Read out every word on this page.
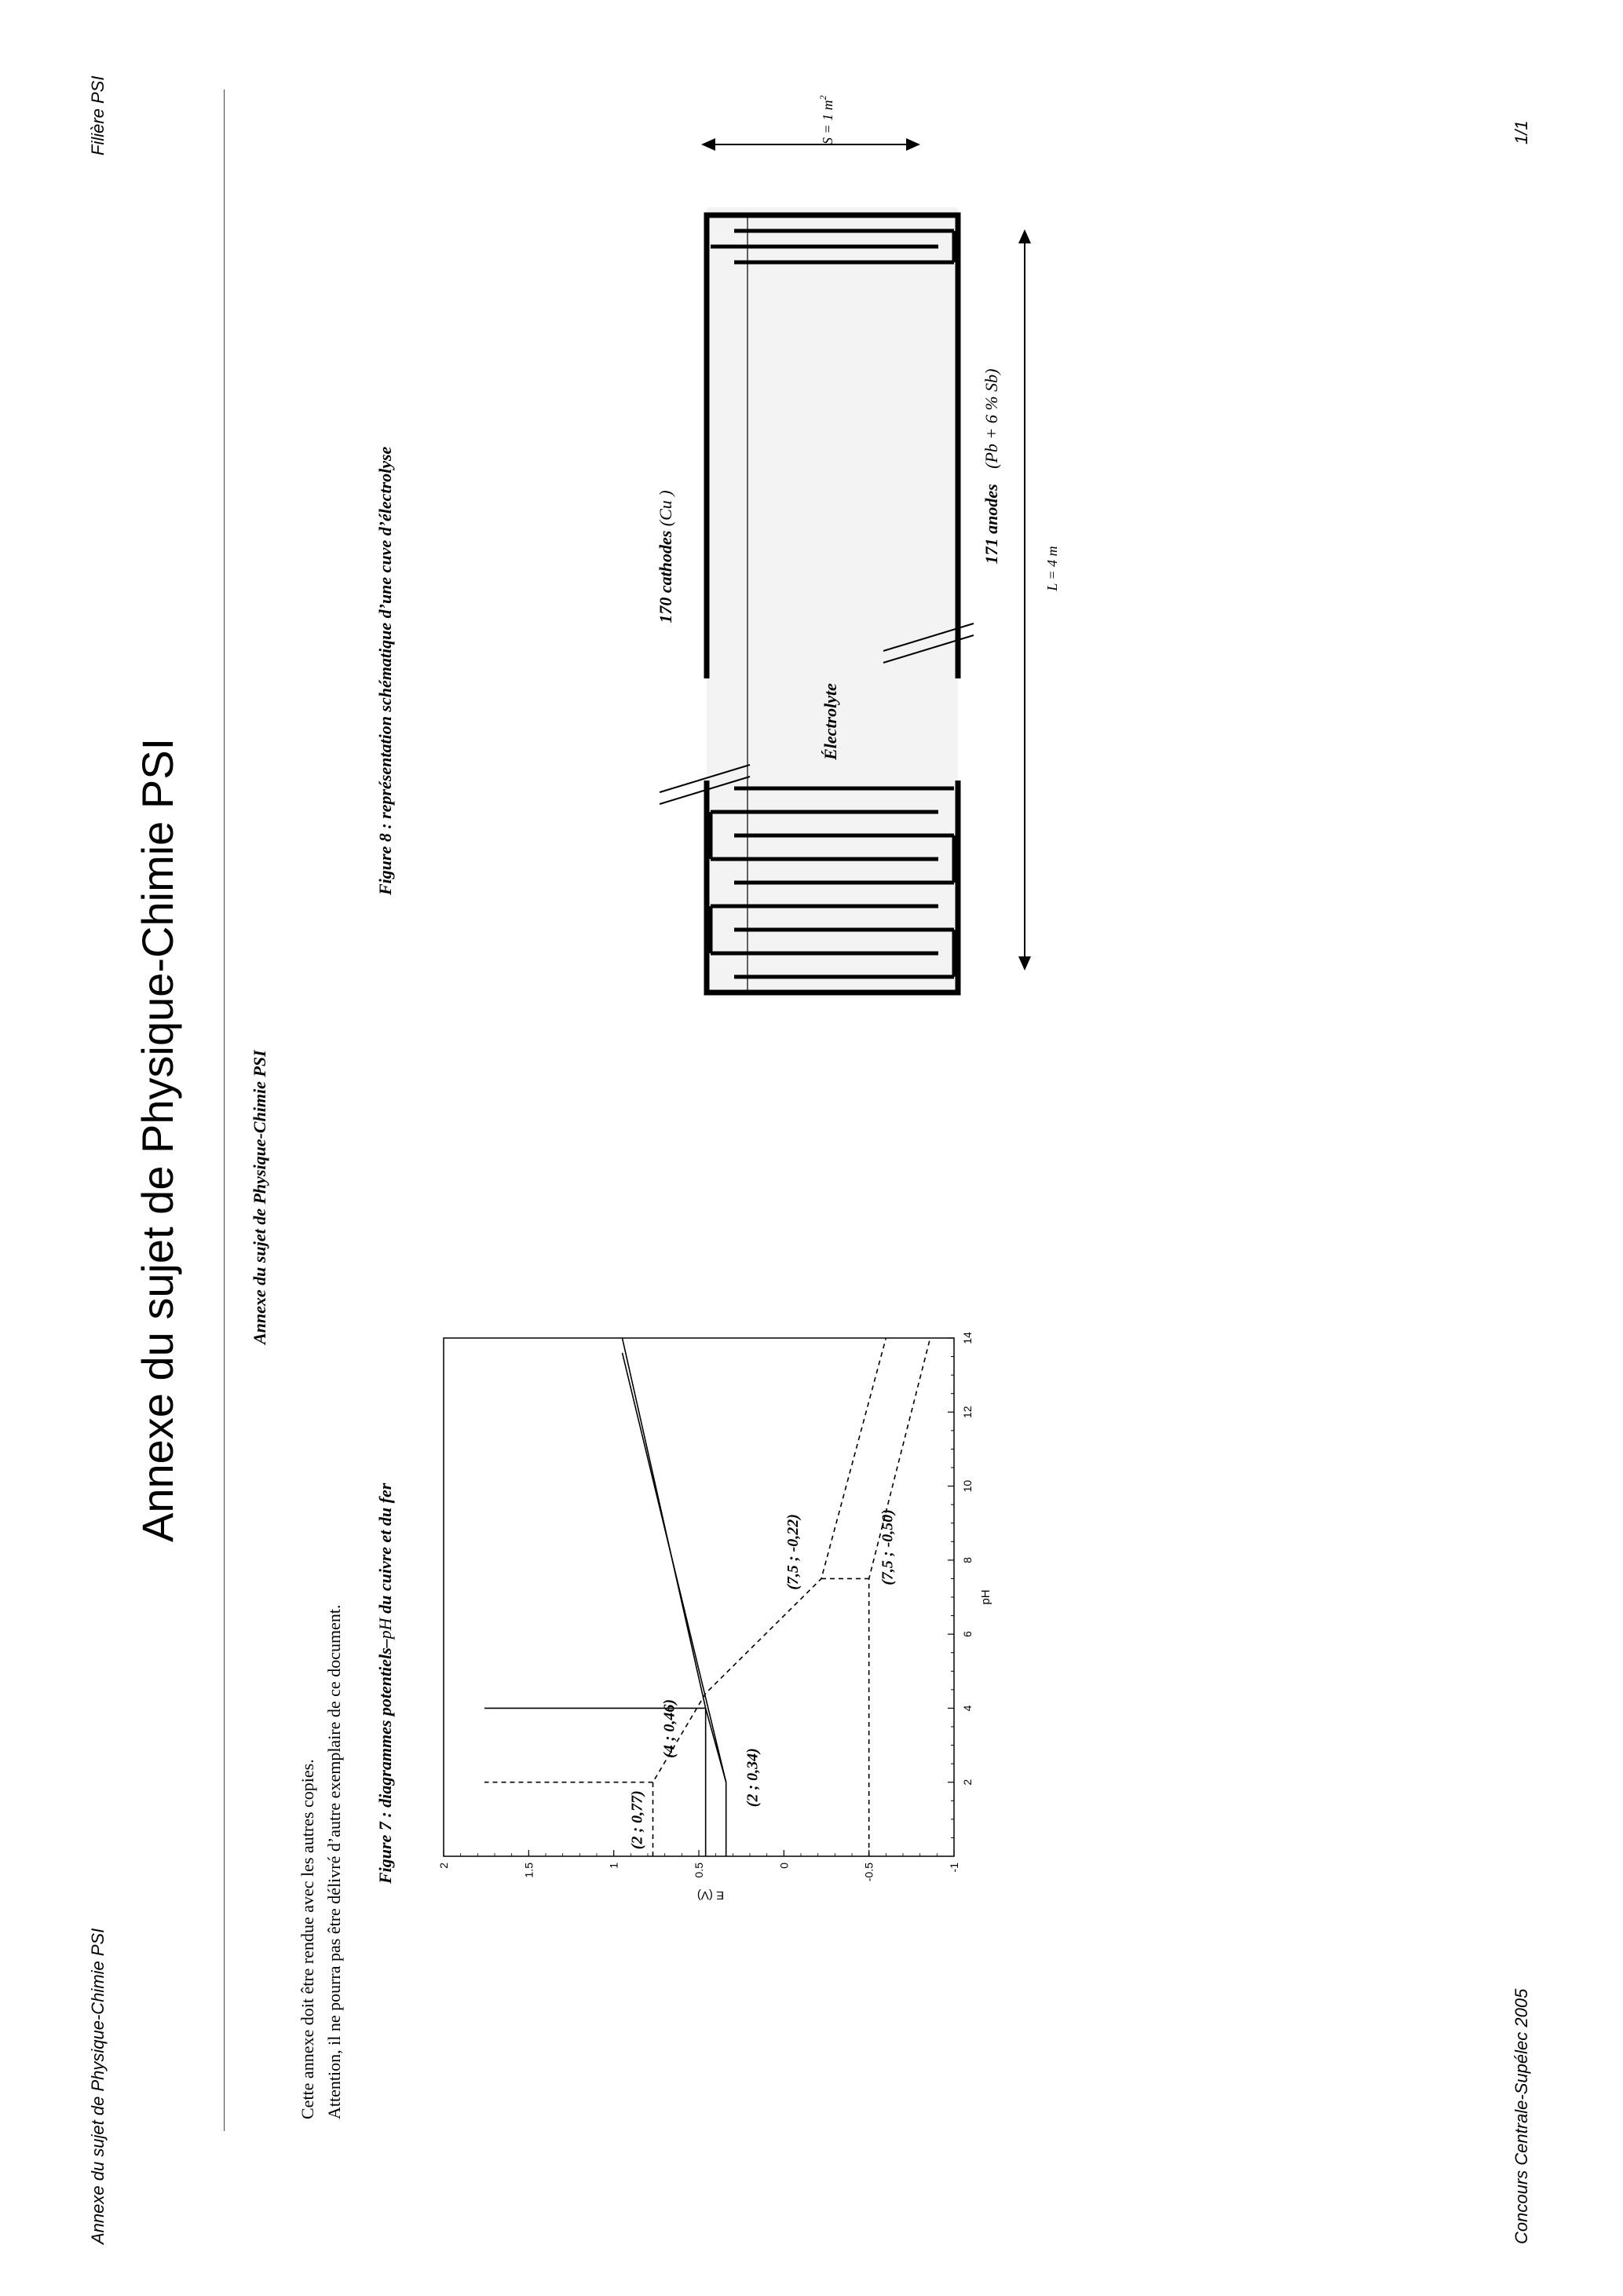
Annexe du sujet de Physique-Chimie PSI
Filière PSI
Concours Centrale-Supélec 2005
1/1
Annexe du sujet de Physique-Chimie PSI	Annexe du sujet de Physique-Chimie PSI
Cette annexe doit être rendue avec les autres copies. Attention, il ne pourra pas être délivré d’autre exemplaire de ce document. Figure 7 : diagrammes potentiels–pH du cuivre et du fer
Figure 8 : représentation schématique d’une cuve d’électrolyse
2
4
6
8
10
12
14
-1
-0.5
0
0.5
1
1.5
2
pH
E (V)
(2 ; 0,77)
(4 ; 0,46)
(2 ; 0,34)
(7,5 ; -0,22)	(7,5 ; -0,50)
Électrolyte
170 cathodes (Cu )	171 anodes (Pb + 6 % Sb)
L = 4 m
S = 1 $m^2$
